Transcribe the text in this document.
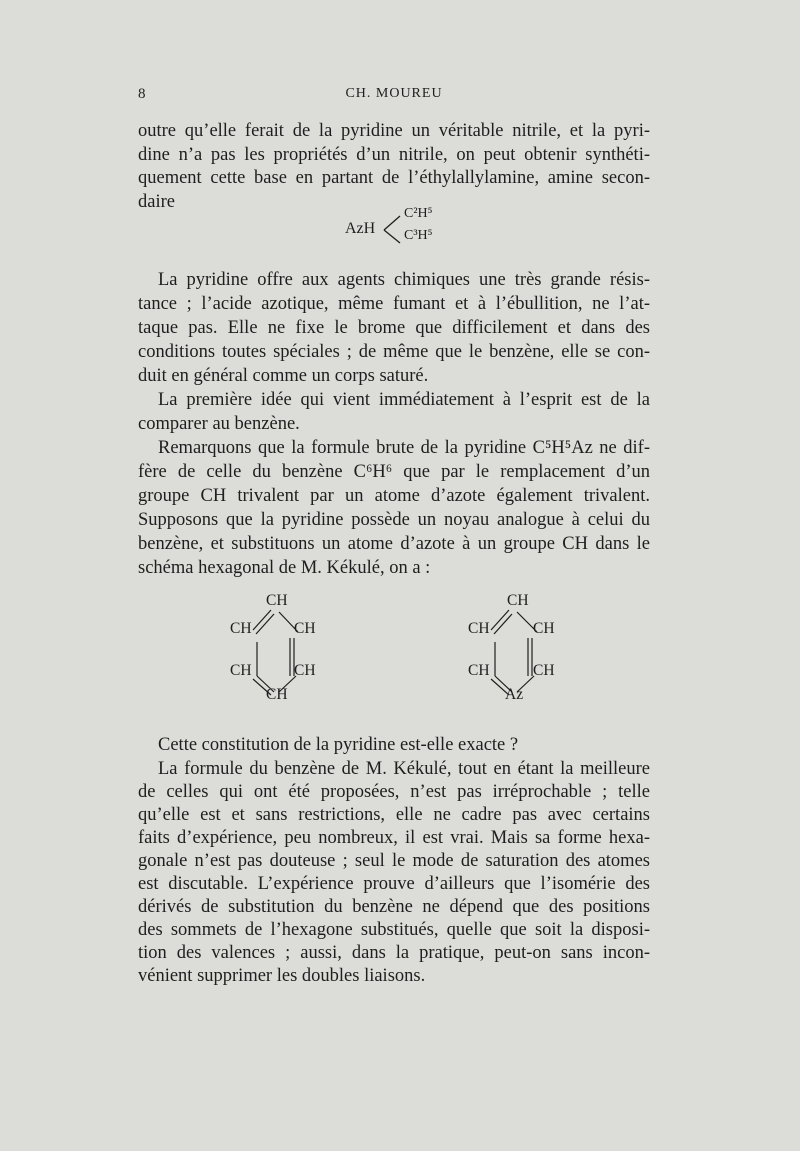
8	CH. MOUREU
outre qu’elle ferait de la pyridine un véritable nitrile, et la pyri-
dine n’a pas les propriétés d’un nitrile, on peut obtenir synthéti-
quement cette base en partant de l’éthylallylamine, amine secon-
daire
AzH
C²H⁵
C³H⁵
La pyridine offre aux agents chimiques une très grande résis-
tance ; l’acide azotique, même fumant et à l’ébullition, ne l’at-
taque pas. Elle ne fixe le brome que difficilement et dans des
conditions toutes spéciales ; de même que le benzène, elle se con-
duit en général comme un corps saturé.
La première idée qui vient immédiatement à l’esprit est de la
comparer au benzène.
Remarquons que la formule brute de la pyridine C⁵H⁵Az ne dif-
fère de celle du benzène C⁶H⁶ que par le remplacement d’un
groupe CH trivalent par un atome d’azote également trivalent.
Supposons que la pyridine possède un noyau analogue à celui du
benzène, et substituons un atome d’azote à un groupe CH dans le
schéma hexagonal de M. Kékulé, on a :
CH
CH	CH
CH	CH
CH
CH
CH	CH
CH	CH
Az
Cette constitution de la pyridine est-elle exacte ?
La formule du benzène de M. Kékulé, tout en étant la meilleure
de celles qui ont été proposées, n’est pas irréprochable ; telle
qu’elle est et sans restrictions, elle ne cadre pas avec certains
faits d’expérience, peu nombreux, il est vrai. Mais sa forme hexa-
gonale n’est pas douteuse ; seul le mode de saturation des atomes
est discutable. L’expérience prouve d’ailleurs que l’isomérie des
dérivés de substitution du benzène ne dépend que des positions
des sommets de l’hexagone substitués, quelle que soit la disposi-
tion des valences ; aussi, dans la pratique, peut-on sans incon-
vénient supprimer les doubles liaisons.
